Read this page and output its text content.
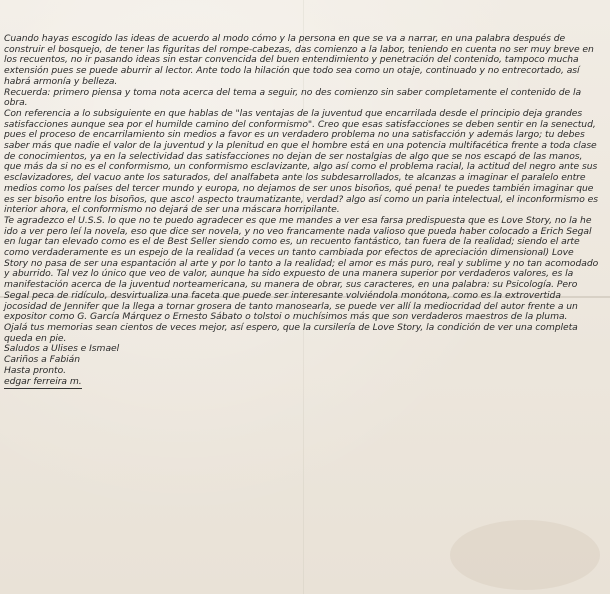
Cuando hayas escogido las ideas de acuerdo al modo cómo y la persona en que se va a narrar, en una palabra después de construir el bosquejo, de tener las figuritas del rompe-cabezas, das comienzo a la labor, teniendo en cuenta no ser muy breve en los recuentos, no ir pasando ideas sin estar convencida del buen entendimiento y penetración del contenido, tampoco mucha extensión pues se puede aburrir al lector. Ante todo la hilación que todo sea como un otaje, continuado y no entrecortado, así habrá armonía y belleza.

Recuerda: primero piensa y toma nota acerca del tema a seguir, no des comienzo sin saber completamente el contenido de la obra.

Con referencia a lo subsiguiente en que hablas de "las ventajas de la juventud que encarrilada desde el principio deja grandes satisfacciones aunque sea por el humilde camino del conformismo". Creo que esas satisfacciones se deben sentir en la senectud, pues el proceso de encarrilamiento sin medios a favor es un verdadero problema no una satisfacción y además largo; tu debes saber más que nadie el valor de la juventud y la plenitud en que el hombre está en una potencia multifacética frente a toda clase de conocimientos, ya en la selectividad das satisfacciones no dejan de ser nostalgias de algo que se nos escapó de las manos, que más da si no es el conformismo, un conformismo esclavizante, algo así como el problema racial, la actitud del negro ante sus esclavizadores, del vacuo ante los saturados, del analfabeta ante los subdesarrollados, te alcanzas a imaginar el paralelo entre medios como los países del tercer mundo y europa, no dejamos de ser unos bisoños, qué pena! te puedes también imaginar que es ser bisoño entre los bisoños, que asco! aspecto traumatizante, verdad? algo así como un paria intelectual, el inconformismo es interior ahora, el conformismo no dejará de ser una máscara horripilante.

Te agradezco el U.S.S. lo que no te puedo agradecer es que me mandes a ver esa farsa predispuesta que es Love Story, no la he ido a ver pero leí la novela, eso que dice ser novela, y no veo francamente nada valioso que pueda haber colocado a Erich Segal en lugar tan elevado como es el de Best Seller siendo como es, un recuento fantástico, tan fuera de la realidad; siendo el arte como verdaderamente es un espejo de la realidad (a veces un tanto cambiada por efectos de apreciación dimensional) Love Story no pasa de ser una espantación al arte y por lo tanto a la realidad; el amor es más puro, real y sublime y no tan acomodado y aburrido. Tal vez lo único que veo de valor, aunque ha sido expuesto de una manera superior por verdaderos valores, es la manifestación acerca de la juventud norteamericana, su manera de obrar, sus caracteres, en una palabra: su Psicología. Pero Segal peca de ridículo, desvirtualiza una faceta que puede ser interesante volviéndola monótona, como es la extrovertida jocosidad de Jennifer que la llega a tornar grosera de tanto manosearla, se puede ver allí la mediocridad del autor frente a un expositor como G. García Márquez o Ernesto Sábato o tolstoi o muchísimos más que son verdaderos maestros de la pluma.

Ojalá tus memorias sean cientos de veces mejor, así espero, que la cursilería de Love Story, la condición de ver una completa queda en pie.

Saludos a Ulises e Ismael

Cariños a Fabián

Hasta pronto.

edgar ferreira m.
